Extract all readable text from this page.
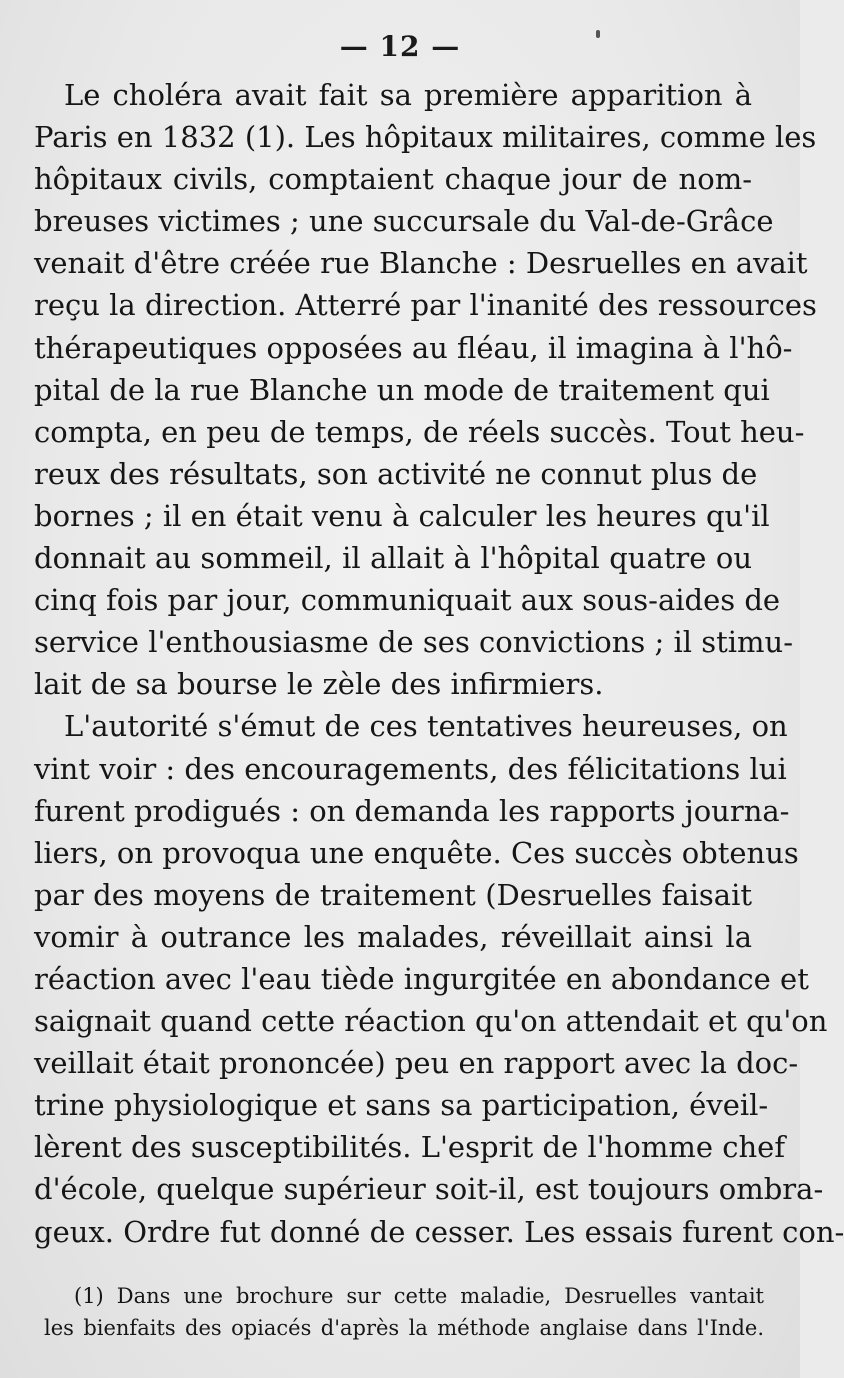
— 12 —
Le choléra avait fait sa première apparition à
Paris en 1832 (1). Les hôpitaux militaires, comme les
hôpitaux civils, comptaient chaque jour de nom-
breuses victimes ; une succursale du Val-de-Grâce
venait d'être créée rue Blanche : Desruelles en avait
reçu la direction. Atterré par l'inanité des ressources
thérapeutiques opposées au fléau, il imagina à l'hô-
pital de la rue Blanche un mode de traitement qui
compta, en peu de temps, de réels succès. Tout heu-
reux des résultats, son activité ne connut plus de
bornes ; il en était venu à calculer les heures qu'il
donnait au sommeil, il allait à l'hôpital quatre ou
cinq fois par jour, communiquait aux sous-aides de
service l'enthousiasme de ses convictions ; il stimu-
lait de sa bourse le zèle des infirmiers.
L'autorité s'émut de ces tentatives heureuses, on
vint voir : des encouragements, des félicitations lui
furent prodigués : on demanda les rapports journa-
liers, on provoqua une enquête. Ces succès obtenus
par des moyens de traitement (Desruelles faisait
vomir à outrance les malades, réveillait ainsi la
réaction avec l'eau tiède ingurgitée en abondance et
saignait quand cette réaction qu'on attendait et qu'on
veillait était prononcée) peu en rapport avec la doc-
trine physiologique et sans sa participation, éveil-
lèrent des susceptibilités. L'esprit de l'homme chef
d'école, quelque supérieur soit-il, est toujours ombra-
geux. Ordre fut donné de cesser. Les essais furent con-
(1) Dans une brochure sur cette maladie, Desruelles vantait
les bienfaits des opiacés d'après la méthode anglaise dans l'Inde.
